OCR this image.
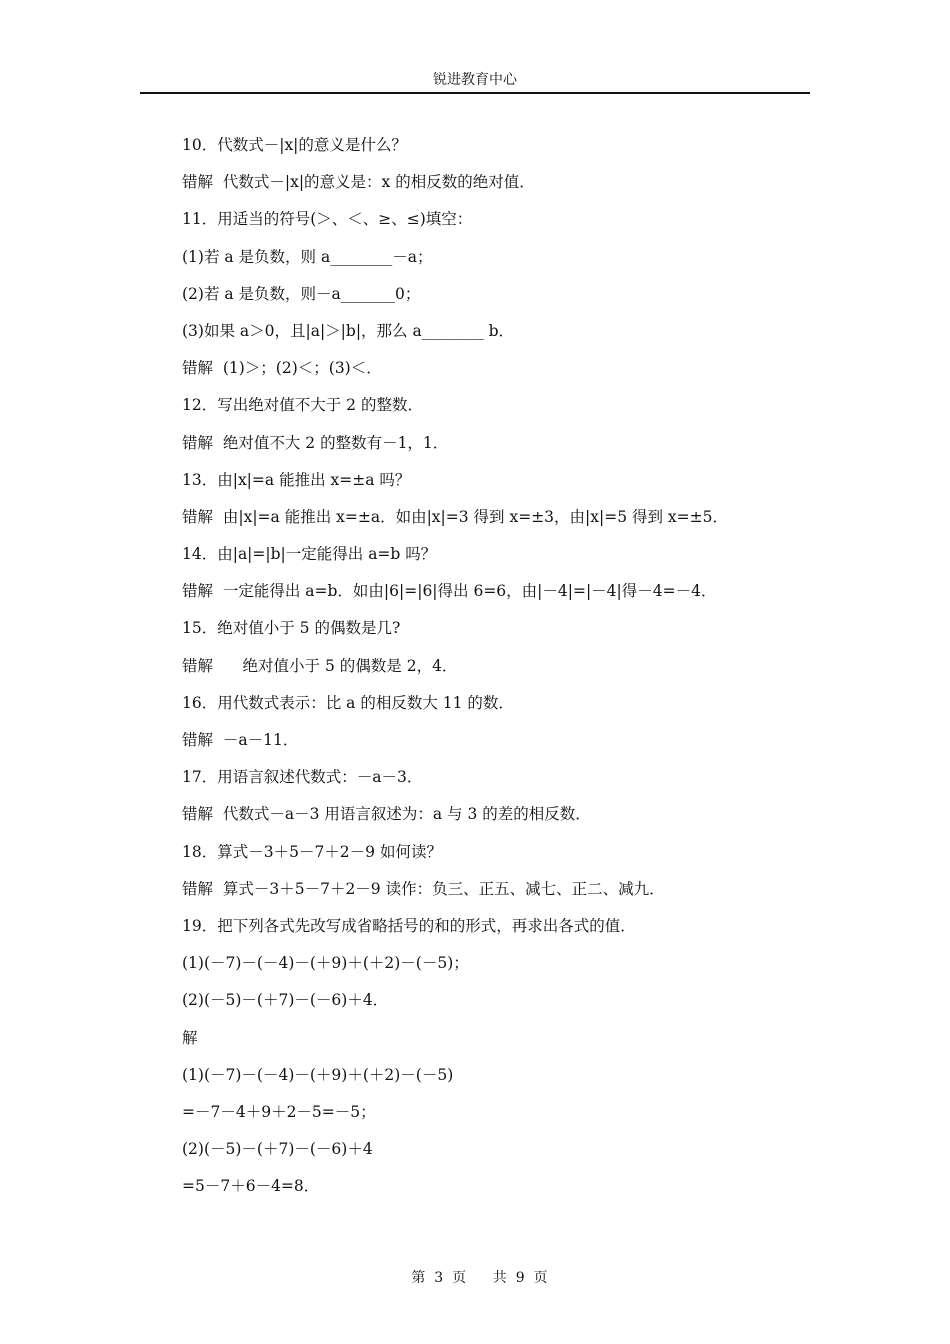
锐进教育中心
10．代数式－|x|的意义是什么？
错解  代数式－|x|的意义是：x 的相反数的绝对值．
11．用适当的符号(＞、＜、≥、≤)填空：
(1)若 a 是负数，则 a________－a；
(2)若 a 是负数，则－a_______0；
(3)如果 a＞0，且|a|＞|b|，那么 a________ b．
错解  (1)＞；(2)＜；(3)＜．
12．写出绝对值不大于 2 的整数．
错解  绝对值不大 2 的整数有－1，1．
13．由|x|=a 能推出 x=±a 吗？
错解  由|x|=a 能推出 x=±a．如由|x|=3 得到 x=±3，由|x|=5 得到 x=±5．
14．由|a|=|b|一定能得出 a=b 吗？
错解  一定能得出 a=b．如由|6|=|6|得出 6=6，由|－4|=|－4|得－4=－4．
15．绝对值小于 5 的偶数是几?
错解      绝对值小于 5 的偶数是 2，4．
16．用代数式表示：比 a 的相反数大 11 的数．
错解  －a－11．
17．用语言叙述代数式：－a－3．
错解  代数式－a－3 用语言叙述为：a 与 3 的差的相反数．
18．算式－3＋5－7＋2－9 如何读？
错解  算式－3＋5－7＋2－9 读作：负三、正五、减七、正二、减九．
19．把下列各式先改写成省略括号的和的形式，再求出各式的值．
(1)(－7)－(－4)－(＋9)＋(＋2)－(－5)；
(2)(－5)－(＋7)－(－6)＋4．
解
(1)(－7)－(－4)－(＋9)＋(＋2)－(－5)
=－7－4＋9＋2－5=－5；
(2)(－5)－(＋7)－(－6)＋4
=5－7＋6－4=8．

第  3  页      共  9  页
